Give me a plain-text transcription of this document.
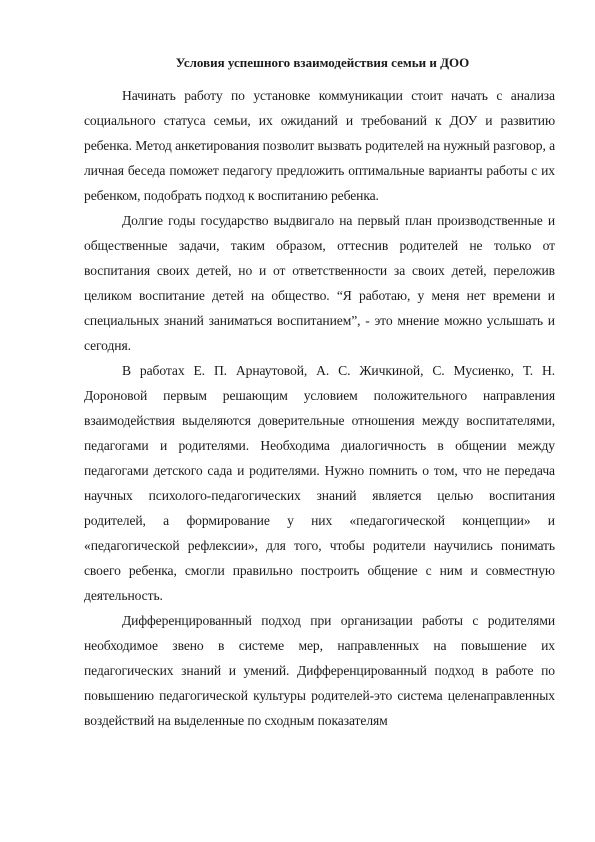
Условия успешного взаимодействия семьи и ДОО

Начинать работу по установке коммуникации стоит начать с анализа социального статуса семьи, их ожиданий и требований к ДОУ и развитию ребенка. Метод анкетирования позволит вызвать родителей на нужный разговор, а личная беседа поможет педагогу предложить оптимальные варианты работы с их ребенком, подобрать подход к воспитанию ребенка.

Долгие годы государство выдвигало на первый план производственные и общественные задачи, таким образом, оттеснив родителей не только от воспитания своих детей, но и от ответственности за своих детей, переложив целиком воспитание детей на общество. “Я работаю, у меня нет времени и специальных знаний заниматься воспитанием”, - это мнение можно услышать и сегодня.

В работах Е. П. Арнаутовой, А. С. Жичкиной, С. Мусиенко, Т. Н. Дороновой первым решающим условием положительного направления взаимодействия выделяются доверительные отношения между воспитателями, педагогами и родителями. Необходима диалогичность в общении между педагогами детского сада и родителями. Нужно помнить о том, что не передача научных психолого-педагогических знаний является целью воспитания родителей, а формирование у них «педагогической концепции» и «педагогической рефлексии», для того, чтобы родители научились понимать своего ребенка, смогли правильно построить общение с ним и совместную деятельность.

Дифференцированный подход при организации работы с родителями необходимое звено в системе мер, направленных на повышение их педагогических знаний и умений. Дифференцированный подход в работе по повышению педагогической культуры родителей-это система целенаправленных воздействий на выделенные по сходным показателям
